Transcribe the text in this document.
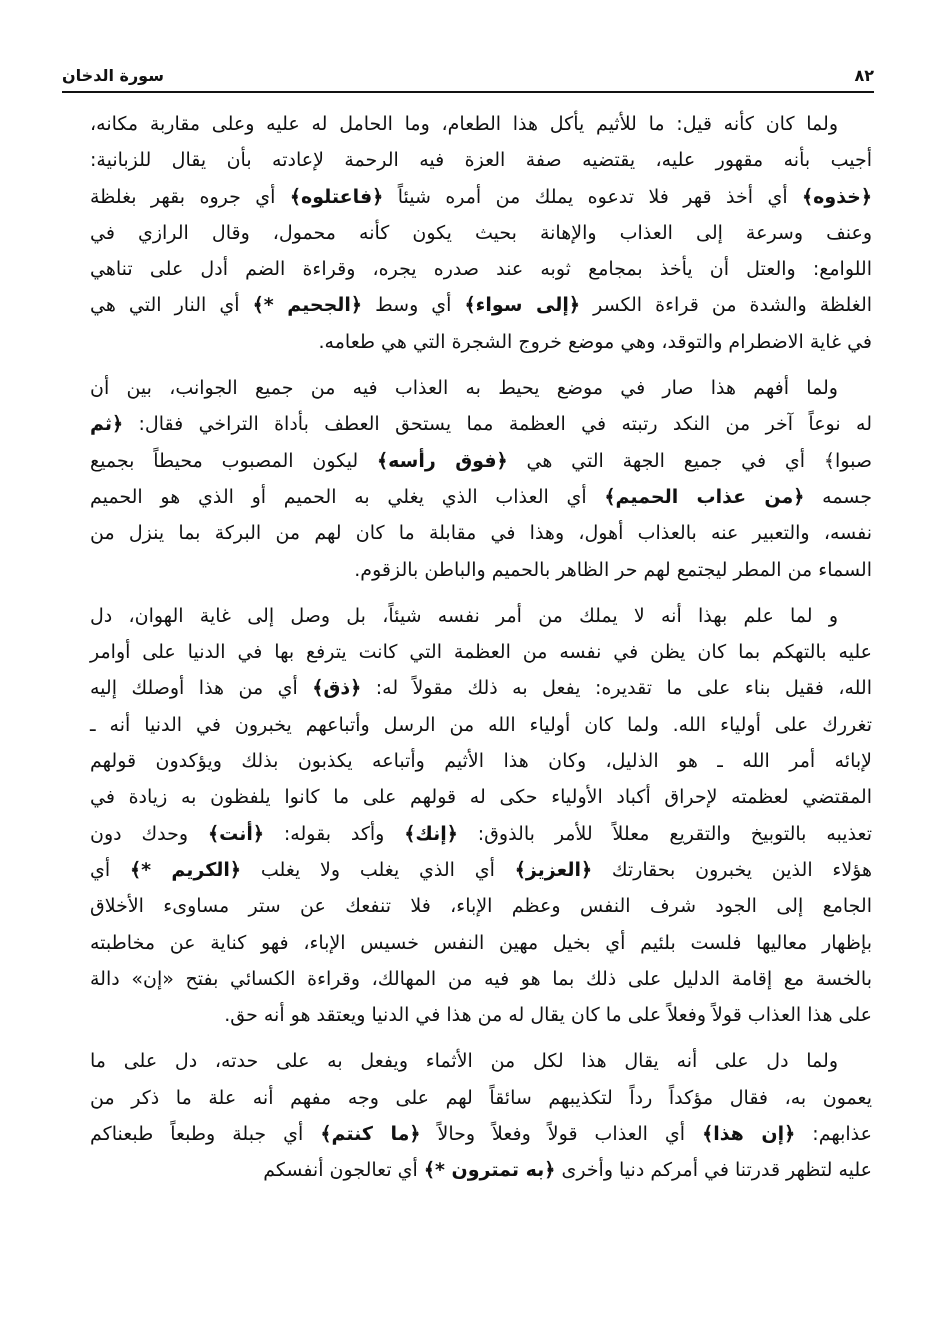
٨٢
سورة الدخان
ولما كان كأنه قيل: ما للأثيم يأكل هذا الطعام، وما الحامل له عليه وعلى مقاربة مكانه،
أجيب بأنه مقهور عليه، يقتضيه صفة العزة فيه الرحمة لإعادته بأن يقال للزبانية:
﴿خذوه﴾ أي أخذ قهر فلا تدعوه يملك من أمره شيئاً ﴿فاعتلوه﴾ أي جروه بقهر بغلظة
وعنف وسرعة إلى العذاب والإهانة بحيث يكون كأنه محمول، وقال الرازي في
اللوامع: والعتل أن يأخذ بمجامع ثوبه عند صدره يجره، وقراءة الضم أدل على تناهي
الغلظة والشدة من قراءة الكسر ﴿إلى سواء﴾ أي وسط ﴿الجحيم *﴾ أي النار التي هي
في غاية الاضطرام والتوقد، وهي موضع خروج الشجرة التي هي طعامه.
ولما أفهم هذا صار في موضع يحيط به العذاب فيه من جميع الجوانب، بين أن
له نوعاً آخر من النكد رتبته في العظمة مما يستحق العطف بأداة التراخي فقال: ﴿ثم
صبوا﴾ أي في جميع الجهة التي هي ﴿فوق رأسه﴾ ليكون المصبوب محيطاً بجميع
جسمه ﴿من عذاب الحميم﴾ أي العذاب الذي يغلي به الحميم أو الذي هو الحميم
نفسه، والتعبير عنه بالعذاب أهول، وهذا في مقابلة ما كان لهم من البركة بما ينزل من
السماء من المطر ليجتمع لهم حر الظاهر بالحميم والباطن بالزقوم.
و لما علم بهذا أنه لا يملك من أمر نفسه شيئاً، بل وصل إلى غاية الهوان، دل
عليه بالتهكم بما كان يظن في نفسه من العظمة التي كانت يترفع بها في الدنيا على أوامر
الله، فقيل بناء على ما تقديره: يفعل به ذلك مقولاً له: ﴿ذق﴾ أي من هذا أوصلك إليه
تغررك على أولياء الله. ولما كان أولياء الله من الرسل وأتباعهم يخبرون في الدنيا أنه ـ
لإبائه أمر الله ـ هو الذليل، وكان هذا الأثيم وأتباعه يكذبون بذلك ويؤكدون قولهم
المقتضي لعظمته لإحراق أكباد الأولياء حكى له قولهم على ما كانوا يلفظون به زيادة في
تعذيبه بالتوبيخ والتقريع معللاً للأمر بالذوق: ﴿إنك﴾ وأكد بقوله: ﴿أنت﴾ وحدك دون
هؤلاء الذين يخبرون بحقارتك ﴿العزيز﴾ أي الذي يغلب ولا يغلب ﴿الكريم *﴾ أي
الجامع إلى الجود شرف النفس وعظم الإباء، فلا تنفعك عن ستر مساوىء الأخلاق
بإظهار معاليها فلست بلئيم أي بخيل مهين النفس خسيس الإباء، فهو كناية عن مخاطبته
بالخسة مع إقامة الدليل على ذلك بما هو فيه من المهالك، وقراءة الكسائي بفتح «إن» دالة
على هذا العذاب قولاً وفعلاً على ما كان يقال له من هذا في الدنيا ويعتقد هو أنه حق.
ولما دل على أنه يقال هذا لكل من الأثماء ويفعل به على حدته، دل على ما
يعمون به، فقال مؤكداً رداً لتكذيبهم سائقاً لهم على وجه مفهم أنه علة ما ذكر من
عذابهم: ﴿إن هذا﴾ أي العذاب قولاً وفعلاً وحالاً ﴿ما كنتم﴾ أي جبلة وطبعاً طبعناكم
عليه لتظهر قدرتنا في أمركم دنيا وأخرى ﴿به تمترون *﴾ أي تعالجون أنفسكم
